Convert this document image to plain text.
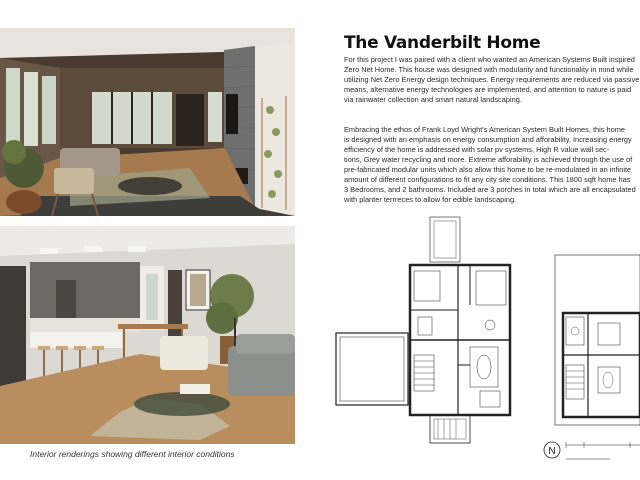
Interior renderings showing different interior conditions
The Vanderbilt Home
For this project I was paired with a client who wanted an American Systems Built inspired
Zero Net Home. This house was designed with modularity and functionality in mind while
utilizing Net Zero Energy design techniques. Energy requirements are reduced via passive
means, alternative energy technologies are implemented, and attention to nature is paid
via rainwater collection and smart natural landscaping.
Embracing the ethos of Frank Loyd Wright's American System Built Homes, this home
is designed with an emphasis on energy consumption and afforability. Increasing energy
efficiency of the home is addressed with solar pv systems, High R value wall sec-
tions, Grey water recycling and more. Extreme afforability is achieved through the use of
pre-fabricated modular units which also allow this home to be re-modulated in an infinite
amount of different configurations to fit any city site conditions. This 1800 sqft home has
3 Bedrooms, and 2 bathrooms. Included are 3 porches in total which are all encapsulated
with planter terrreces to allow for edible landscaping.
N
